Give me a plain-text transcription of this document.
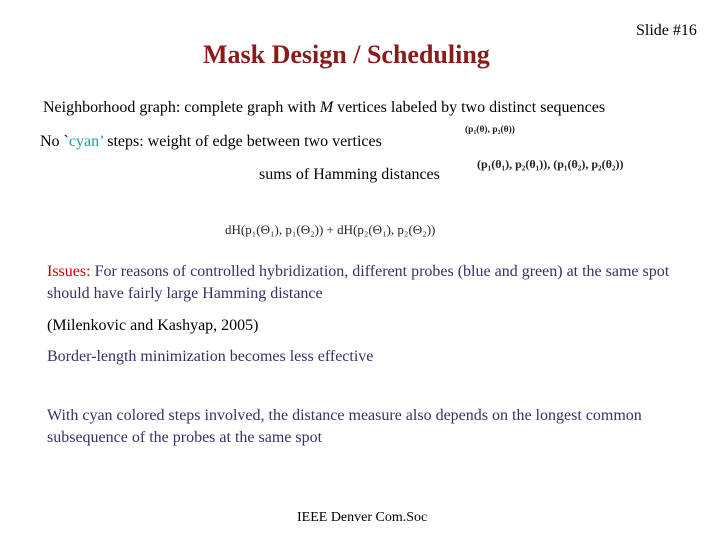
Mask Design / Scheduling
Slide #16
Neighborhood graph: complete graph with M vertices labeled by two distinct sequences
No `cyan’ steps: weight of edge between two vertices
(p₁(θ), p₂(θ))
sums of Hamming distances
(p₁(θ₁), p₂(θ₁)), (p₁(θ₂), p₂(θ₂))
dH(p₁(Θ₁), p₁(Θ₂)) + dH(p₂(Θ₁), p₂(Θ₂))
Issues: For reasons of controlled hybridization, different probes (blue and green) at the same spot should have fairly large Hamming distance
(Milenkovic and Kashyap, 2005)
Border-length minimization becomes less effective
With cyan colored steps involved, the distance measure also depends on the longest common subsequence of the probes at the same spot
IEEE Denver Com.Soc
